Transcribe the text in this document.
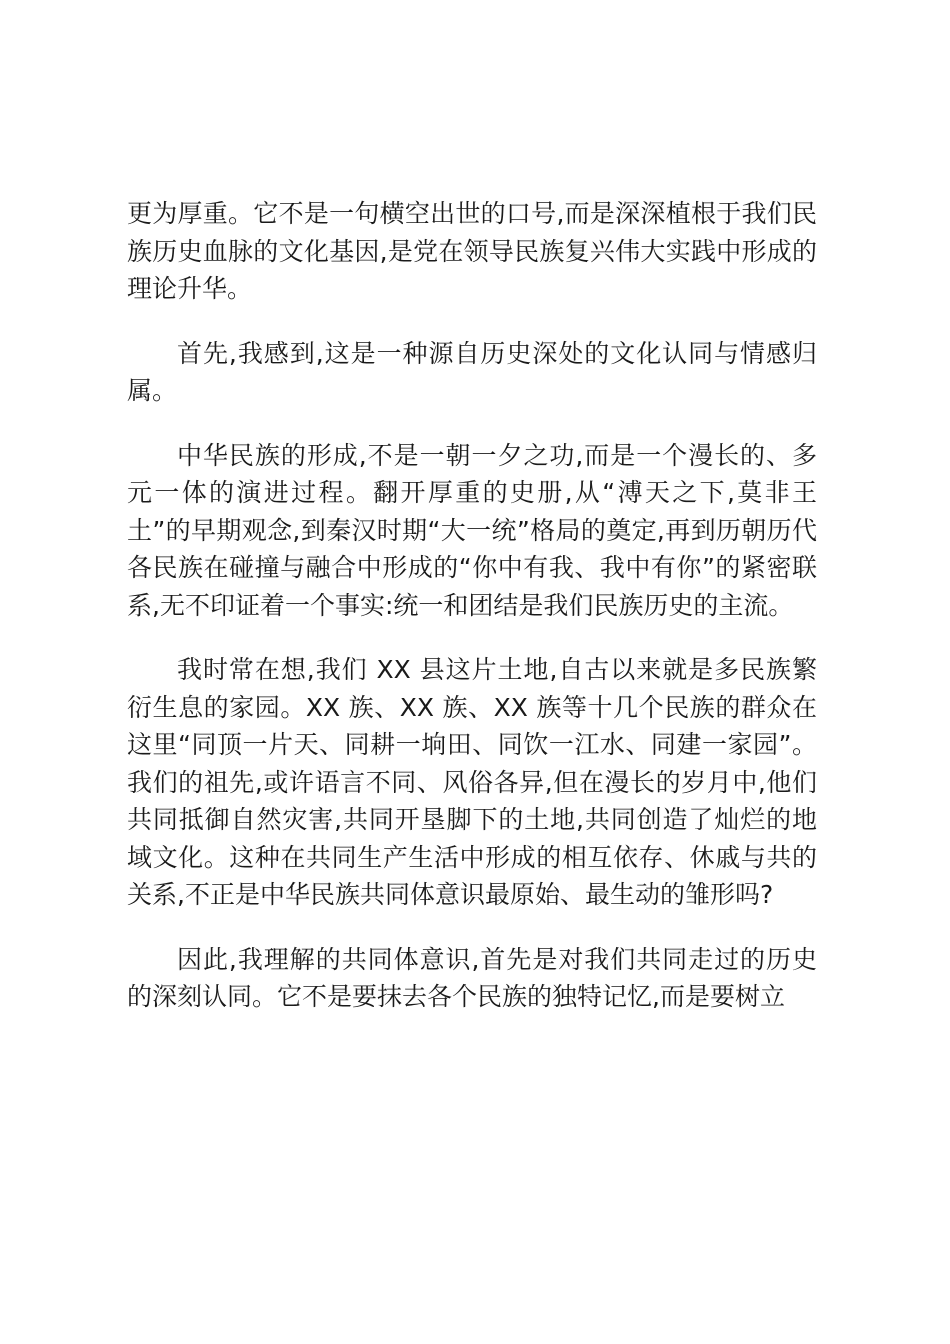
更为厚重。它不是一句横空出世的口号,而是深深植根于我们民族历史血脉的文化基因,是党在领导民族复兴伟大实践中形成的理论升华。

首先,我感到,这是一种源自历史深处的文化认同与情感归属。

中华民族的形成,不是一朝一夕之功,而是一个漫长的、多元一体的演进过程。翻开厚重的史册,从“溥天之下,莫非王土”的早期观念,到秦汉时期“大一统”格局的奠定,再到历朝历代各民族在碰撞与融合中形成的“你中有我、我中有你”的紧密联系,无不印证着一个事实:统一和团结是我们民族历史的主流。

我时常在想,我们 XX 县这片土地,自古以来就是多民族繁衍生息的家园。XX 族、XX 族、XX 族等十几个民族的群众在这里“同顶一片天、同耕一垧田、同饮一江水、同建一家园”。我们的祖先,或许语言不同、风俗各异,但在漫长的岁月中,他们共同抵御自然灾害,共同开垦脚下的土地,共同创造了灿烂的地域文化。这种在共同生产生活中形成的相互依存、休戚与共的关系,不正是中华民族共同体意识最原始、最生动的雏形吗?

因此,我理解的共同体意识,首先是对我们共同走过的历史的深刻认同。它不是要抹去各个民族的独特记忆,而是要树立
